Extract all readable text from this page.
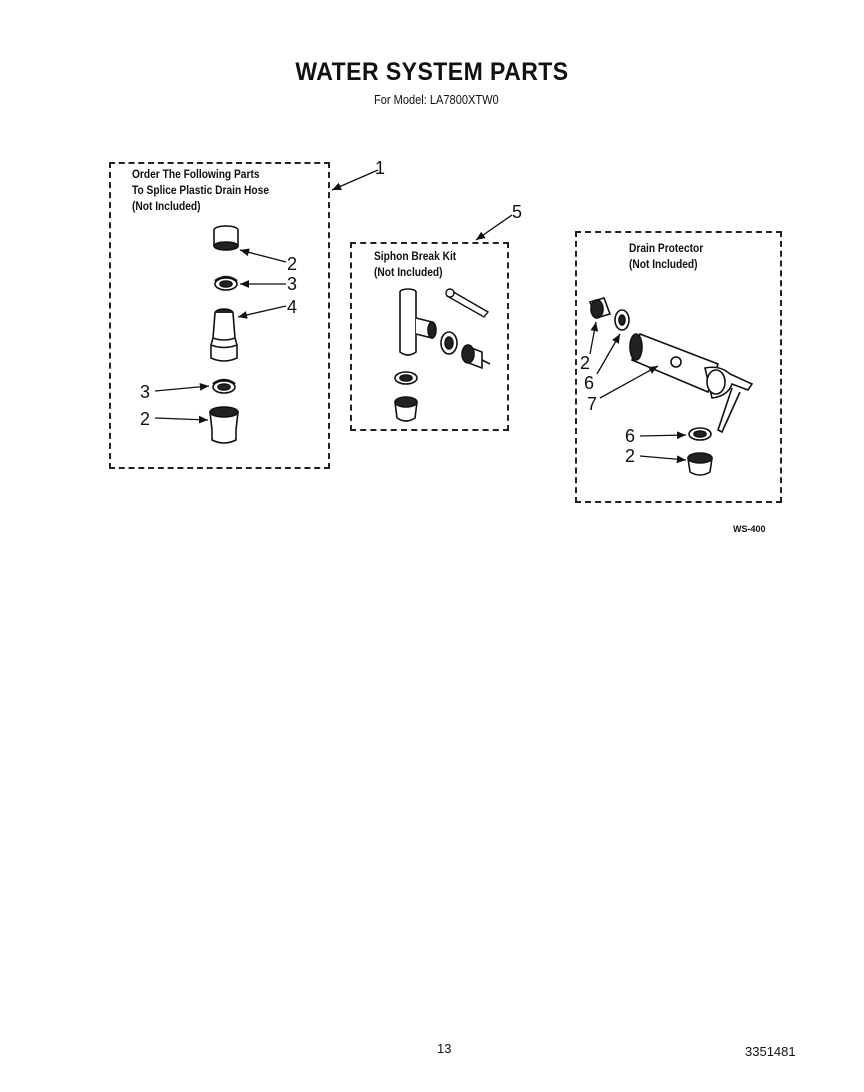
WATER SYSTEM PARTS
For Model: LA7800XTW0
Order The Following Parts
To Splice Plastic Drain Hose
(Not Included)
Siphon Break Kit
(Not Included)
Drain Protector
(Not Included)
1
2
3
4
3
2
5
2
6
7
6
2
WS-400
13	3351481
